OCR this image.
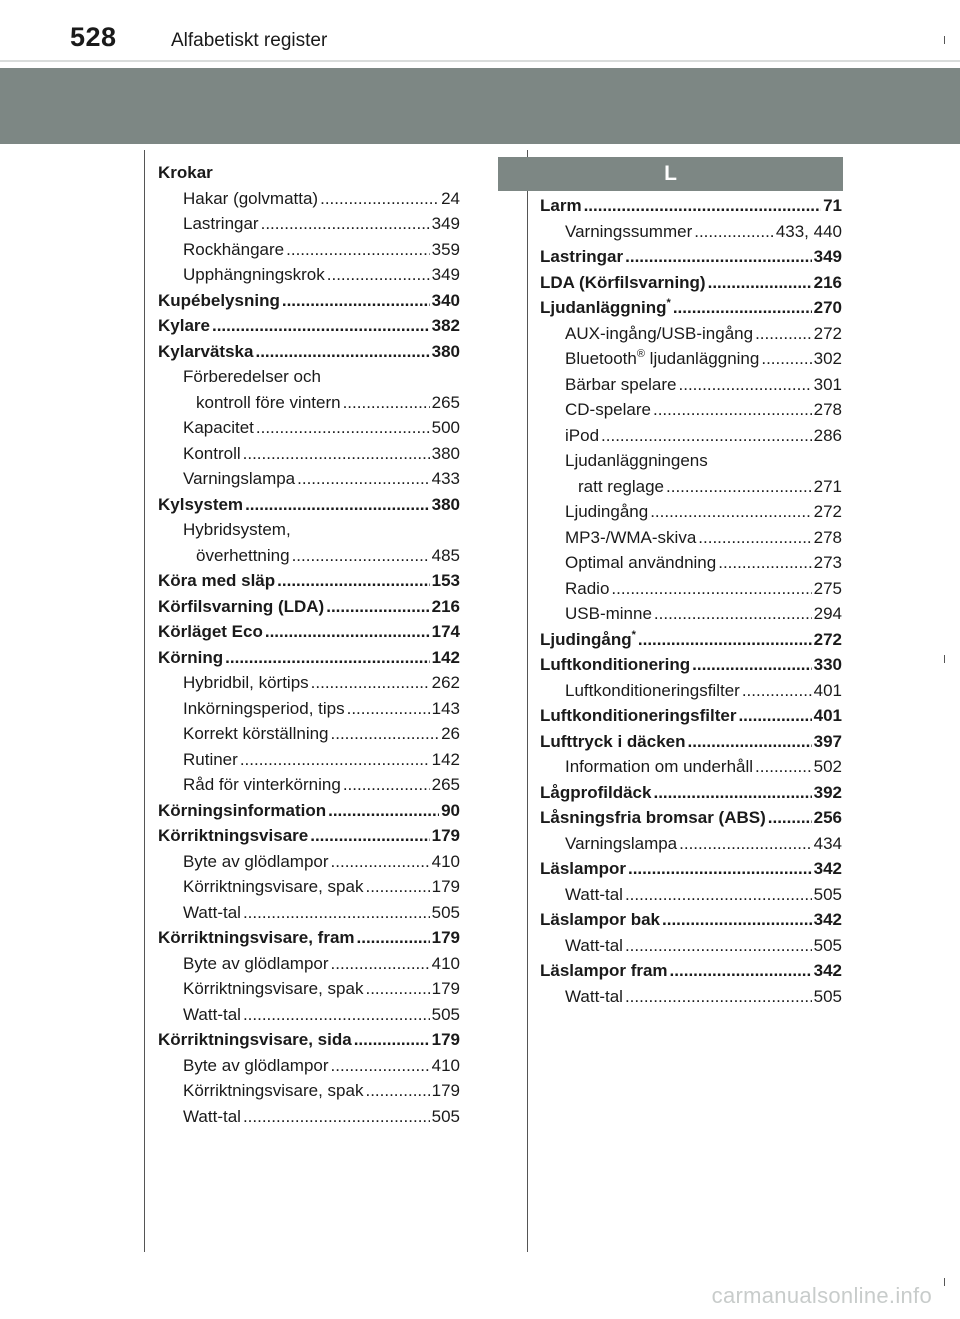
528	Alfabetiskt register
Krokar
Hakar (golvmatta) .....	24
Lastringar .....	349
Rockhängare .....	359
Upphängningskrok .....	349
Kupébelysning .....	340
Kylare .....	382
Kylarvätska .....	380
Förberedelser och
kontroll före vintern .....	265
Kapacitet .....	500
Kontroll .....	380
Varningslampa .....	433
Kylsystem .....	380
Hybridsystem,
överhettning .....	485
Köra med släp .....	153
Körfilsvarning (LDA) .....	216
Körläget Eco .....	174
Körning .....	142
Hybridbil, körtips .....	262
Inkörningsperiod, tips .....	143
Korrekt körställning .....	26
Rutiner .....	142
Råd för vinterkörning .....	265
Körningsinformation .....	90
Körriktningsvisare .....	179
Byte av glödlampor .....	410
Körriktningsvisare, spak .....	179
Watt-tal .....	505
Körriktningsvisare, fram .....	179
Byte av glödlampor .....	410
Körriktningsvisare, spak .....	179
Watt-tal .....	505
Körriktningsvisare, sida .....	179
Byte av glödlampor .....	410
Körriktningsvisare, spak .....	179
Watt-tal .....	505
L
Larm .....	71
Varningssummer .....	433, 440
Lastringar .....	349
LDA (Körfilsvarning) .....	216
Ljudanläggning* .....	270
AUX-ingång/USB-ingång .....	272
Bluetooth® ljudanläggning .....	302
Bärbar spelare .....	301
CD-spelare .....	278
iPod .....	286
Ljudanläggningens
ratt reglage .....	271
Ljudingång .....	272
MP3-/WMA-skiva .....	278
Optimal användning .....	273
Radio .....	275
USB-minne .....	294
Ljudingång* .....	272
Luftkonditionering .....	330
Luftkonditioneringsfilter .....	401
Luftkonditioneringsfilter .....	401
Lufttryck i däcken .....	397
Information om underhåll .....	502
Lågprofildäck .....	392
Låsningsfria bromsar (ABS) .....	256
Varningslampa .....	434
Läslampor .....	342
Watt-tal .....	505
Läslampor bak .....	342
Watt-tal .....	505
Läslampor fram .....	342
Watt-tal .....	505
carmanualsonline.info
